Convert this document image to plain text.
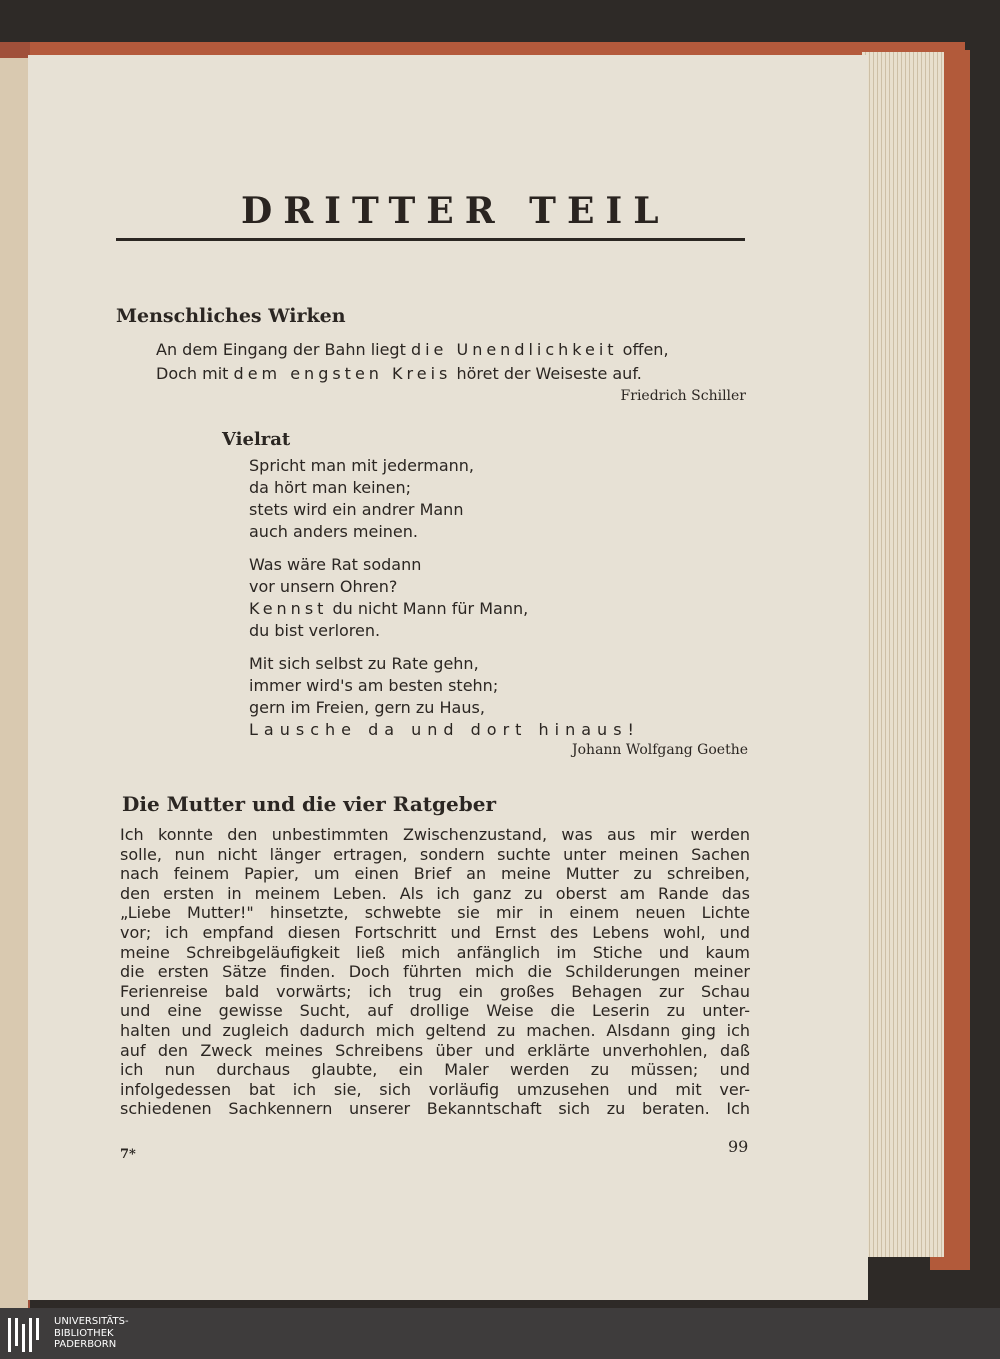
DRITTER TEIL
Menschliches Wirken
An dem Eingang der Bahn liegt die Unendlichkeit offen,
Doch mit dem engsten Kreis höret der Weiseste auf.
Friedrich Schiller
Vielrat
Spricht man mit jedermann,
da hört man keinen;
stets wird ein andrer Mann
auch anders meinen.
Was wäre Rat sodann
vor unsern Ohren?
Kennst du nicht Mann für Mann,
du bist verloren.
Mit sich selbst zu Rate gehn,
immer wird's am besten stehn;
gern im Freien, gern zu Haus,
Lausche da und dort hinaus!
Johann Wolfgang Goethe
Die Mutter und die vier Ratgeber
Ich konnte den unbestimmten Zwischenzustand, was aus mir werden
solle, nun nicht länger ertragen, sondern suchte unter meinen Sachen
nach feinem Papier, um einen Brief an meine Mutter zu schreiben,
den ersten in meinem Leben. Als ich ganz zu oberst am Rande das
„Liebe Mutter!" hinsetzte, schwebte sie mir in einem neuen Lichte
vor; ich empfand diesen Fortschritt und Ernst des Lebens wohl, und
meine Schreibgeläufigkeit ließ mich anfänglich im Stiche und kaum
die ersten Sätze finden. Doch führten mich die Schilderungen meiner
Ferienreise bald vorwärts; ich trug ein großes Behagen zur Schau
und eine gewisse Sucht, auf drollige Weise die Leserin zu unter-
halten und zugleich dadurch mich geltend zu machen. Alsdann ging ich
auf den Zweck meines Schreibens über und erklärte unverhohlen, daß
ich nun durchaus glaubte, ein Maler werden zu müssen; und
infolgedessen bat ich sie, sich vorläufig umzusehen und mit ver-
schiedenen Sachkennern unserer Bekanntschaft sich zu beraten. Ich
7*	99
UNIVERSITÄTS-
BIBLIOTHEK
PADERBORN
